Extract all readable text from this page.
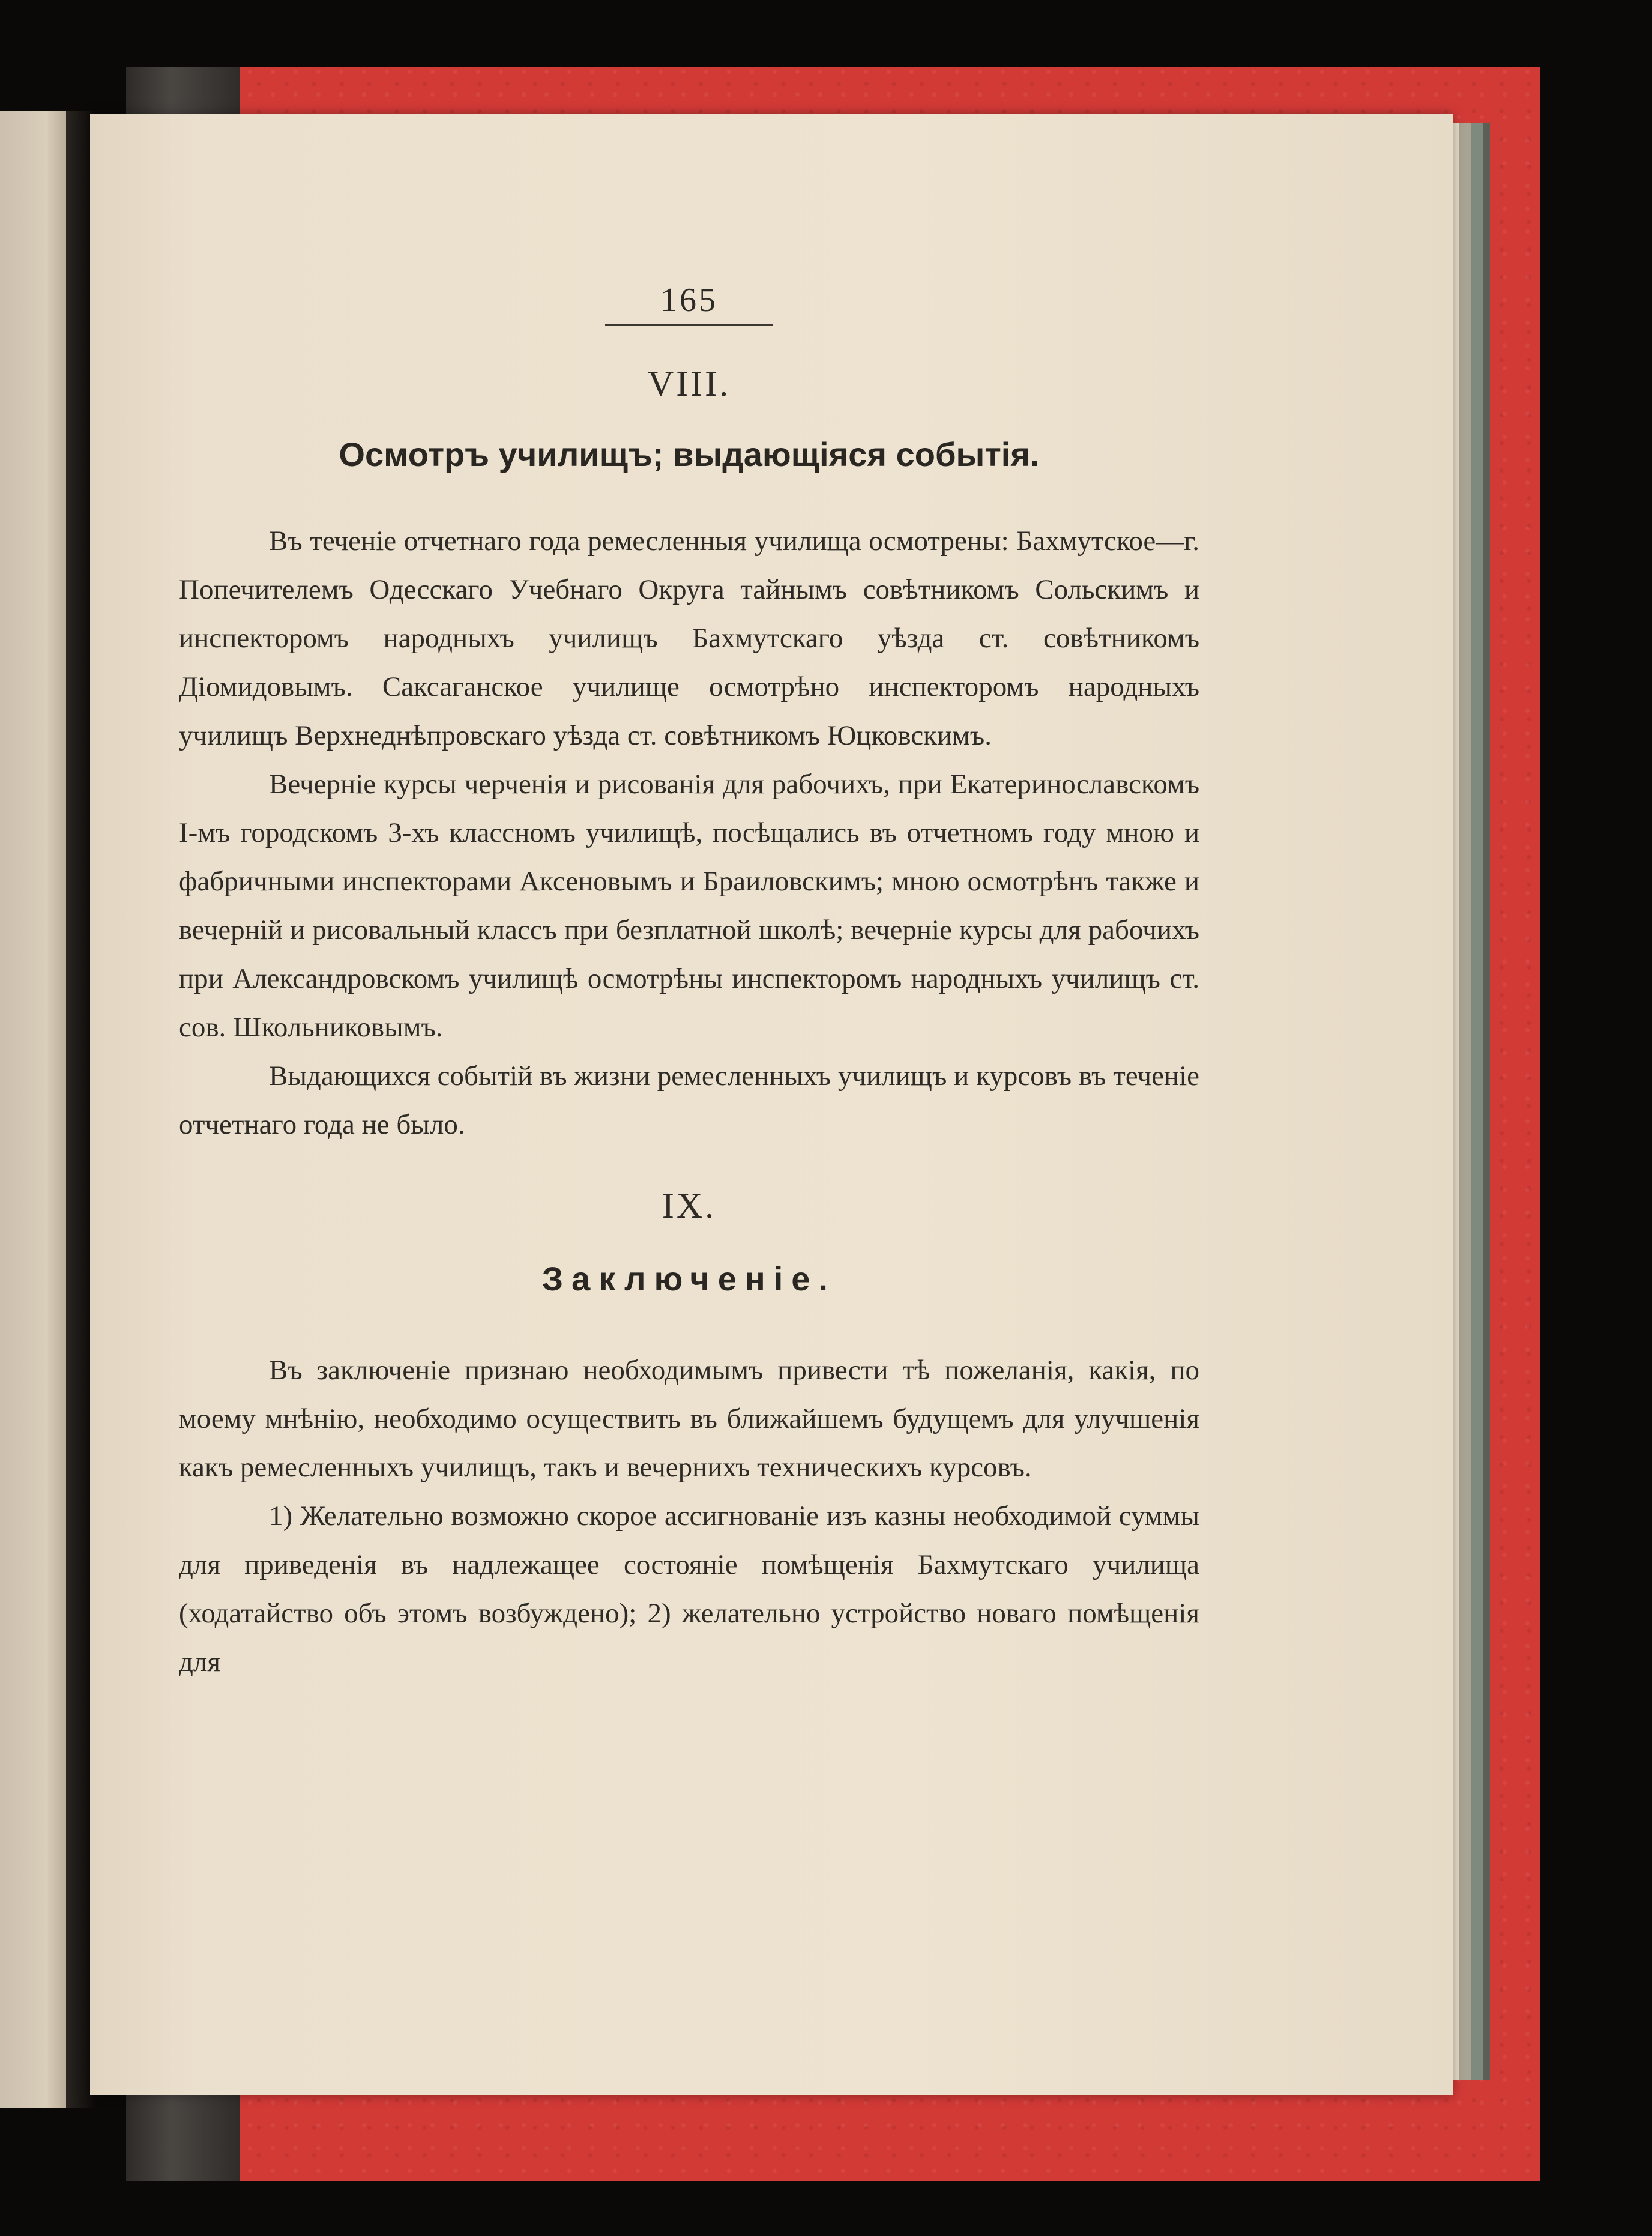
165
VIII.
Осмотръ училищъ; выдающіяся событія.

Въ теченіе отчетнаго года ремесленныя училища осмотрены: Бахмутское—г. Попечителемъ Одесскаго Учебнаго Округа тайнымъ совѣтникомъ Сольскимъ и инспекторомъ народныхъ училищъ Бахмутскаго уѣзда ст. совѣтникомъ Діомидовымъ. Саксаганское училище осмотрѣно инспекторомъ народныхъ училищъ Верхнеднѣпровскаго уѣзда ст. совѣтникомъ Юцковскимъ.

Вечерніе курсы черченія и рисованія для рабочихъ, при Екатеринославскомъ I-мъ городскомъ 3-хъ классномъ училищѣ, посѣщались въ отчетномъ году мною и фабричными инспекторами Аксеновымъ и Браиловскимъ; мною осмотрѣнъ также и вечерній и рисовальный классъ при безплатной школѣ; вечерніе курсы для рабочихъ при Александровскомъ училищѣ осмотрѣны инспекторомъ народныхъ училищъ ст. сов. Школьниковымъ.

Выдающихся событій въ жизни ремесленныхъ училищъ и курсовъ въ теченіе отчетнаго года не было.

IX.
Заключеніе.

Въ заключеніе признаю необходимымъ привести тѣ пожеланія, какія, по моему мнѣнію, необходимо осуществить въ ближайшемъ будущемъ для улучшенія какъ ремесленныхъ училищъ, такъ и вечернихъ техническихъ курсовъ.

1) Желательно возможно скорое ассигнованіе изъ казны необходимой суммы для приведенія въ надлежащее состояніе помѣщенія Бахмутскаго училища (ходатайство объ этомъ возбуждено); 2) желательно устройство новаго помѣщенія для
